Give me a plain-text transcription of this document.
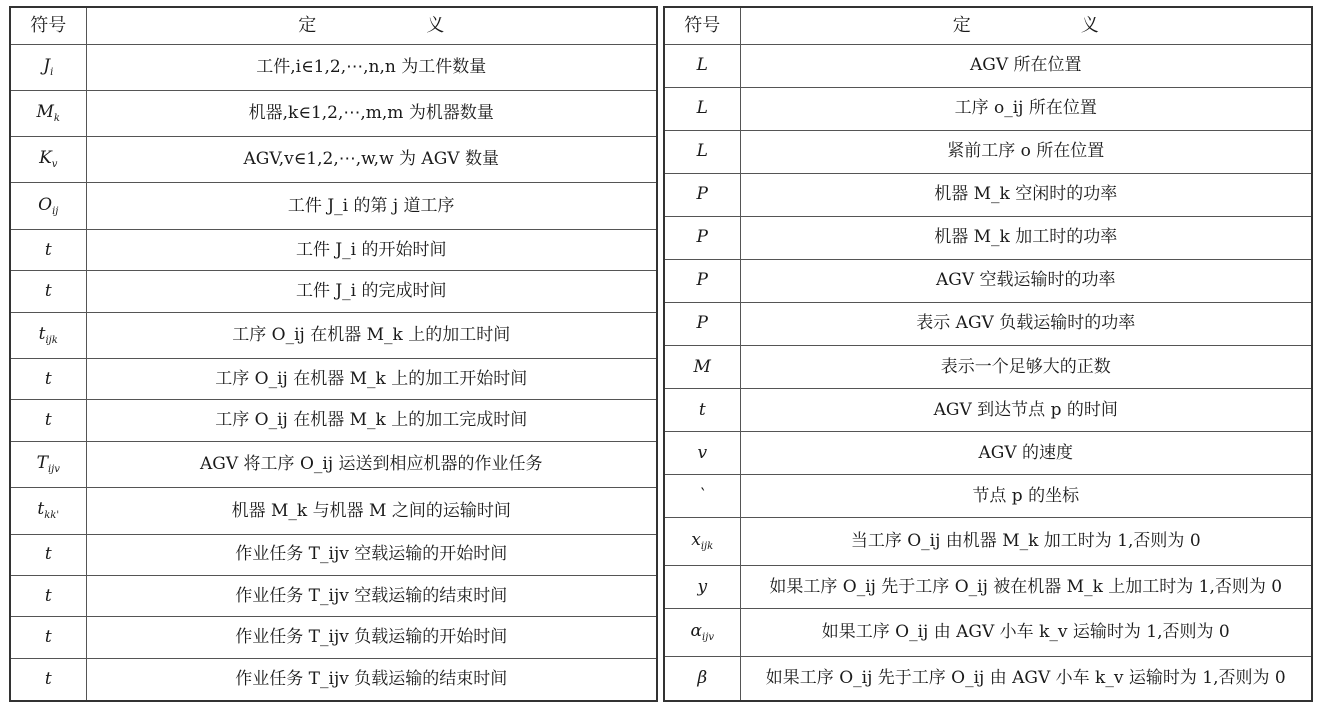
符号	定 义
$J_i$	工件,i∈1,2,⋯,n,n 为工件数量
$M_k$	机器,k∈1,2,⋯,m,m 为机器数量
$K_v$	AGV,v∈1,2,⋯,w,w 为 AGV 数量
$O_{ij}$	工件 J_i 的第 j 道工序
t	工件 J_i 的开始时间
t	工件 J_i 的完成时间
$t_{ijk}$	工序 O_ij 在机器 M_k 上的加工时间
t	工序 O_ij 在机器 M_k 上的加工开始时间
t	工序 O_ij 在机器 M_k 上的加工完成时间
$T_{ijv}$	AGV 将工序 O_ij 运送到相应机器的作业任务
$t_{kk'}$	机器 M_k 与机器 M 之间的运输时间
t	作业任务 T_ijv 空载运输的开始时间
t	作业任务 T_ijv 空载运输的结束时间
t	作业任务 T_ijv 负载运输的开始时间
t	作业任务 T_ijv 负载运输的结束时间
符号	定 义
L	AGV 所在位置
L	工序 o_ij 所在位置
L	紧前工序 o 所在位置
P	机器 M_k 空闲时的功率
P	机器 M_k 加工时的功率
P	AGV 空载运输时的功率
P	表示 AGV 负载运输时的功率
M	表示一个足够大的正数
t	AGV 到达节点 p 的时间
v	AGV 的速度
`	节点 p 的坐标
$x_{ijk}$	当工序 O_ij 由机器 M_k 加工时为 1,否则为 0
y	如果工序 O_ij 先于工序 O_ij 被在机器 M_k 上加工时为 1,否则为 0
$\alpha_{ijv}$	如果工序 O_ij 由 AGV 小车 k_v 运输时为 1,否则为 0
β	如果工序 O_ij 先于工序 O_ij 由 AGV 小车 k_v 运输时为 1,否则为 0
